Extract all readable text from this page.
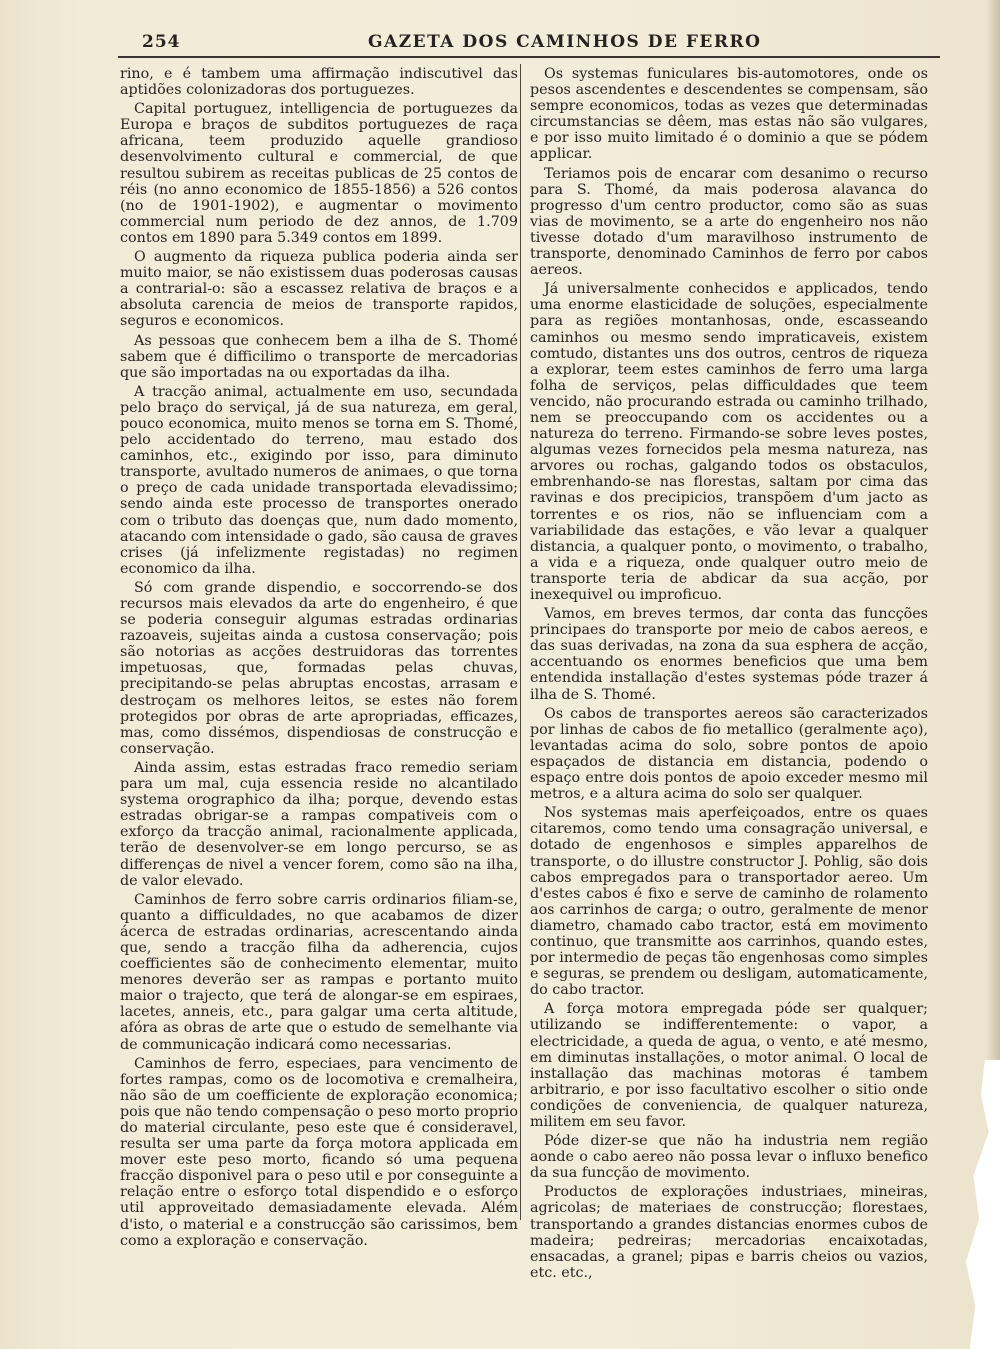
254	GAZETA DOS CAMINHOS DE FERRO

rino, e é tambem uma affirmação indiscutivel das aptidões colonizadoras dos portuguezes.

Capital portuguez, intelligencia de portuguezes da Europa e braços de subditos portuguezes de raça africana, teem produzido aquelle grandioso desenvolvimento cultural e commercial, de que resultou subirem as receitas publicas de 25 contos de réis (no anno economico de 1855-1856) a 526 contos (no de 1901-1902), e augmentar o movimento commercial num periodo de dez annos, de 1.709 contos em 1890 para 5.349 contos em 1899.

O augmento da riqueza publica poderia ainda ser muito maior, se não existissem duas poderosas causas a contrarial-o: são a escassez relativa de braços e a absoluta carencia de meios de transporte rapidos, seguros e economicos.

As pessoas que conhecem bem a ilha de S. Thomé sabem que é difficilimo o transporte de mercadorias que são importadas na ou exportadas da ilha.

A tracção animal, actualmente em uso, secundada pelo braço do serviçal, já de sua natureza, em geral, pouco economica, muito menos se torna em S. Thomé, pelo accidentado do terreno, mau estado dos caminhos, etc., exigindo por isso, para diminuto transporte, avultado numeros de animaes, o que torna o preço de cada unidade transportada elevadissimo; sendo ainda este processo de transportes onerado com o tributo das doenças que, num dado momento, atacando com intensidade o gado, são causa de graves crises (já infelizmente registadas) no regimen economico da ilha.

Só com grande dispendio, e soccorrendo-se dos recursos mais elevados da arte do engenheiro, é que se poderia conseguir algumas estradas ordinarias razoaveis, sujeitas ainda a custosa conservação; pois são notorias as acções destruidoras das torrentes impetuosas, que, formadas pelas chuvas, precipitando-se pelas abruptas encostas, arrasam e destroçam os melhores leitos, se estes não forem protegidos por obras de arte apropriadas, efficazes, mas, como dissémos, dispendiosas de construcção e conservação.

Ainda assim, estas estradas fraco remedio seriam para um mal, cuja essencia reside no alcantilado systema orographico da ilha; porque, devendo estas estradas obrigar-se a rampas compativeis com o exforço da tracção animal, racionalmente applicada, terão de desenvolver-se em longo percurso, se as differenças de nivel a vencer forem, como são na ilha, de valor elevado.

Caminhos de ferro sobre carris ordinarios filiam-se, quanto a difficuldades, no que acabamos de dizer ácerca de estradas ordinarias, acrescentando ainda que, sendo a tracção filha da adherencia, cujos coefficientes são de conhecimento elementar, muito menores deverão ser as rampas e portanto muito maior o trajecto, que terá de alongar-se em espiraes, lacetes, anneis, etc., para galgar uma certa altitude, afóra as obras de arte que o estudo de semelhante via de communicação indicará como necessarias.

Caminhos de ferro, especiaes, para vencimento de fortes rampas, como os de locomotiva e cremalheira, não são de um coefficiente de exploração economica; pois que não tendo compensação o peso morto proprio do material circulante, peso este que é consideravel, resulta ser uma parte da força motora applicada em mover este peso morto, ficando só uma pequena fracção disponivel para o peso util e por conseguinte a relação entre o esforço total dispendido e o esforço util approveitado demasiadamente elevada. Além d'isto, o material e a construcção são carissimos, bem como a exploração e conservação.

Os systemas funiculares bis-automotores, onde os pesos ascendentes e descendentes se compensam, são sempre economicos, todas as vezes que determinadas circumstancias se dêem, mas estas não são vulgares, e por isso muito limitado é o dominio a que se pódem applicar.

Teriamos pois de encarar com desanimo o recurso para S. Thomé, da mais poderosa alavanca do progresso d'um centro productor, como são as suas vias de movimento, se a arte do engenheiro nos não tivesse dotado d'um maravilhoso instrumento de transporte, denominado Caminhos de ferro por cabos aereos.

Já universalmente conhecidos e applicados, tendo uma enorme elasticidade de soluções, especialmente para as regiões montanhosas, onde, escasseando caminhos ou mesmo sendo impraticaveis, existem comtudo, distantes uns dos outros, centros de riqueza a explorar, teem estes caminhos de ferro uma larga folha de serviços, pelas difficuldades que teem vencido, não procurando estrada ou caminho trilhado, nem se preoccupando com os accidentes ou a natureza do terreno. Firmando-se sobre leves postes, algumas vezes fornecidos pela mesma natureza, nas arvores ou rochas, galgando todos os obstaculos, embrenhando-se nas florestas, saltam por cima das ravinas e dos precipicios, transpõem d'um jacto as torrentes e os rios, não se influenciam com a variabilidade das estações, e vão levar a qualquer distancia, a qualquer ponto, o movimento, o trabalho, a vida e a riqueza, onde qualquer outro meio de transporte teria de abdicar da sua acção, por inexequivel ou improficuo.

Vamos, em breves termos, dar conta das funcções principaes do transporte por meio de cabos aereos, e das suas derivadas, na zona da sua esphera de acção, accentuando os enormes beneficios que uma bem entendida installação d'estes systemas póde trazer á ilha de S. Thomé.

Os cabos de transportes aereos são caracterizados por linhas de cabos de fio metallico (geralmente aço), levantadas acima do solo, sobre pontos de apoio espaçados de distancia em distancia, podendo o espaço entre dois pontos de apoio exceder mesmo mil metros, e a altura acima do solo ser qualquer.

Nos systemas mais aperfeiçoados, entre os quaes citaremos, como tendo uma consagração universal, e dotado de engenhosos e simples apparelhos de transporte, o do illustre constructor J. Pohlig, são dois cabos empregados para o transportador aereo. Um d'estes cabos é fixo e serve de caminho de rolamento aos carrinhos de carga; o outro, geralmente de menor diametro, chamado cabo tractor, está em movimento continuo, que transmitte aos carrinhos, quando estes, por intermedio de peças tão engenhosas como simples e seguras, se prendem ou desligam, automaticamente, do cabo tractor.

A força motora empregada póde ser qualquer; utilizando se indifferentemente: o vapor, a electricidade, a queda de agua, o vento, e até mesmo, em diminutas installações, o motor animal. O local de installação das machinas motoras é tambem arbitrario, e por isso facultativo escolher o sitio onde condições de conveniencia, de qualquer natureza, militem em seu favor.

Póde dizer-se que não ha industria nem região aonde o cabo aereo não possa levar o influxo benefico da sua funcção de movimento.

Productos de explorações industriaes, mineiras, agricolas; de materiaes de construcção; florestaes, transportando a grandes distancias enormes cubos de madeira; pedreiras; mercadorias encaixotadas, ensacadas, a granel; pipas e barris cheios ou vazios, etc. etc.,
